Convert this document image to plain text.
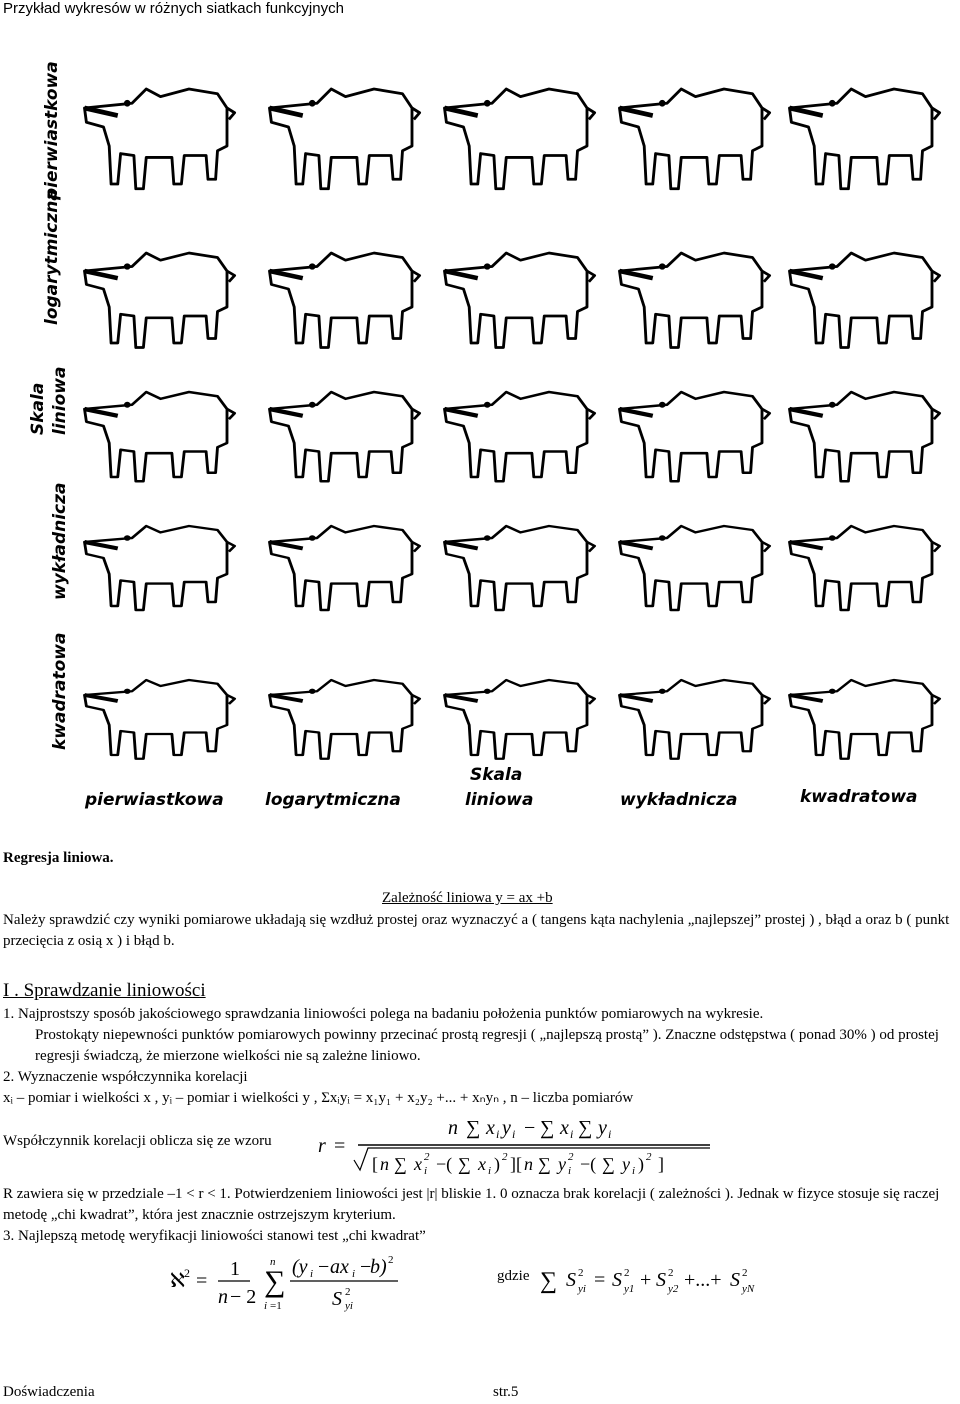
Przykład wykresów w różnych siatkach funkcyjnych
pierwiastkowa
logarytmiczna
Skala liniowa
wykładnicza
kwadratowa
pierwiastkowa logarytmiczna
Skala
liniowa	wykładnicza	kwadratowa
Regresja liniowa.
Zależność liniowa y = ax +b
Należy sprawdzić czy wyniki pomiarowe układają się wzdłuż prostej oraz wyznaczyć a ( tangens kąta nachylenia „najlepszej” prostej ) , błąd a oraz b ( punkt przecięcia z osią x ) i błąd b.
I . Sprawdzanie liniowości
1. Najprostszy sposób jakościowego sprawdzania liniowości polega na badaniu położenia punktów pomiarowych na wykresie.
Prostokąty niepewności punktów pomiarowych powinny przecinać prostą regresji ( „najlepszą prostą” ). Znaczne odstępstwa ( ponad 30% ) od prostej regresji świadczą, że mierzone wielkości nie są zależne liniowo.
2. Wyznaczenie współczynnika korelacji
xᵢ – pomiar i wielkości x , yᵢ – pomiar i wielkości y , Σxᵢyᵢ = x₁y₁ + x₂y₂ +... + xₙyₙ , n – liczba pomiarów
Współczynnik korelacji oblicza się ze wzoru r =
n ∑ x i y i − ∑ x i ∑ y i
[ n ∑ x 2
i −( ∑ x i ) 2 ][ n ∑ y 2
i −( ∑ y i ) 2 ]
R zawiera się w przedziale –1 < r < 1. Potwierdzeniem liniowości jest |r| bliskie 1. 0 oznacza brak korelacji ( zależności ). Jednak w fizyce stosuje się raczej metodę „chi kwadrat”, która jest znacznie ostrzejszym kryterium.
3. Najlepszą metodę weryfikacji liniowości stanowi test „chi kwadrat”
ℵ 2 =
1
n − 2
n
∑
i =1
(y i − ax i −
b) 2
S 2
yi
gdzie ∑ S 2
yi = S 2
y1 + S 2
y2 +...+ S 2
yN
Doświadczenia	str.5
